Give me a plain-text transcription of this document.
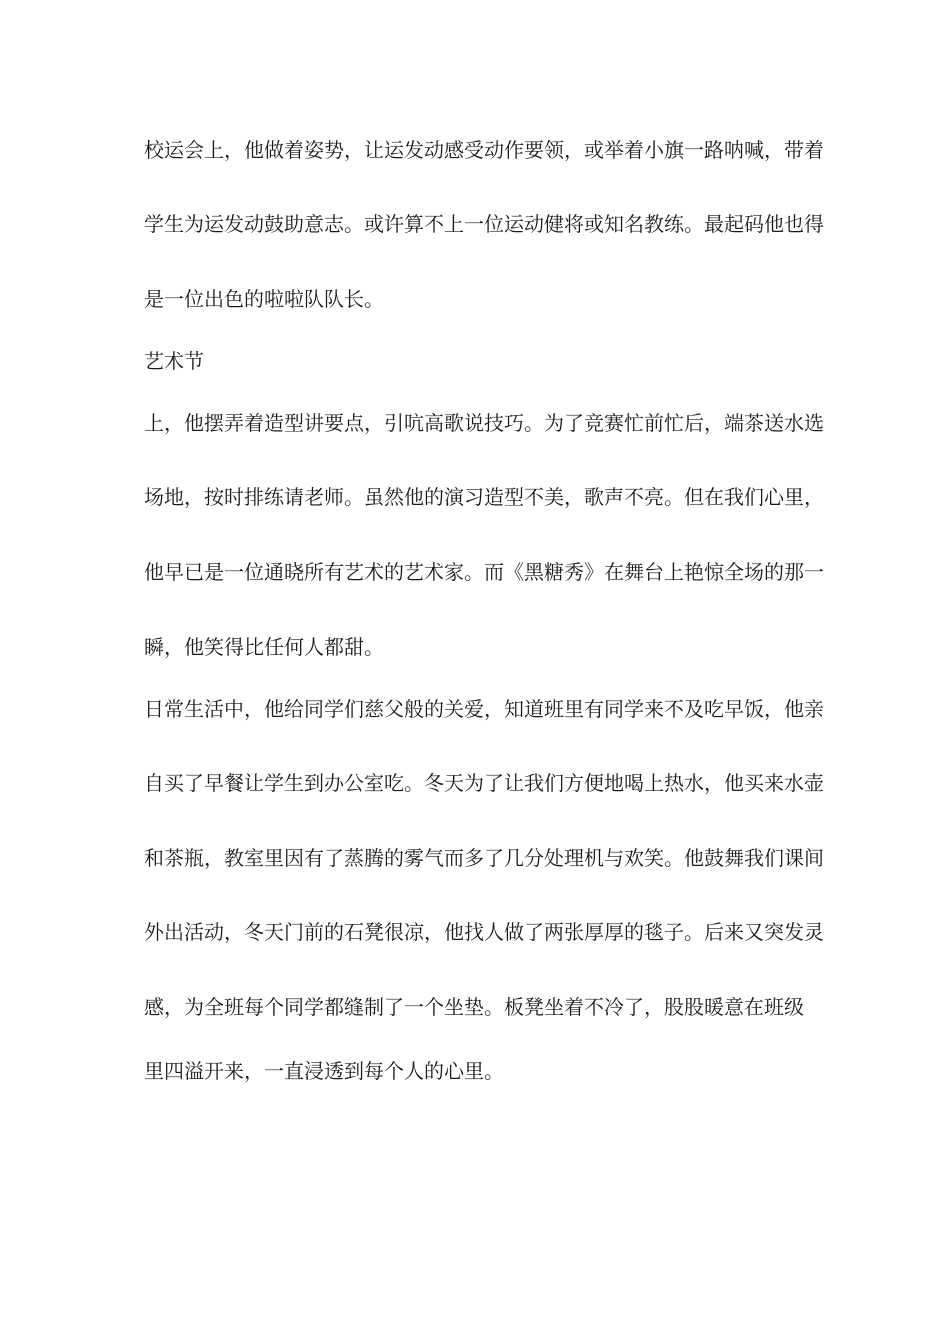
校运会上，他做着姿势，让运发动感受动作要领，或举着小旗一路呐喊，带着

学生为运发动鼓助意志。或许算不上一位运动健将或知名教练。最起码他也得

是一位出色的啦啦队队长。

艺术节

上，他摆弄着造型讲要点，引吭高歌说技巧。为了竞赛忙前忙后，端茶送水选

场地，按时排练请老师。虽然他的演习造型不美，歌声不亮。但在我们心里，

他早已是一位通晓所有艺术的艺术家。而《黑糖秀》在舞台上艳惊全场的那一

瞬，他笑得比任何人都甜。

日常生活中，他给同学们慈父般的关爱，知道班里有同学来不及吃早饭，他亲

自买了早餐让学生到办公室吃。冬天为了让我们方便地喝上热水，他买来水壶

和茶瓶，教室里因有了蒸腾的雾气而多了几分处理机与欢笑。他鼓舞我们课间

外出活动，冬天门前的石凳很凉，他找人做了两张厚厚的毯子。后来又突发灵

感，为全班每个同学都缝制了一个坐垫。板凳坐着不冷了，股股暖意在班级

里四溢开来，一直浸透到每个人的心里。
